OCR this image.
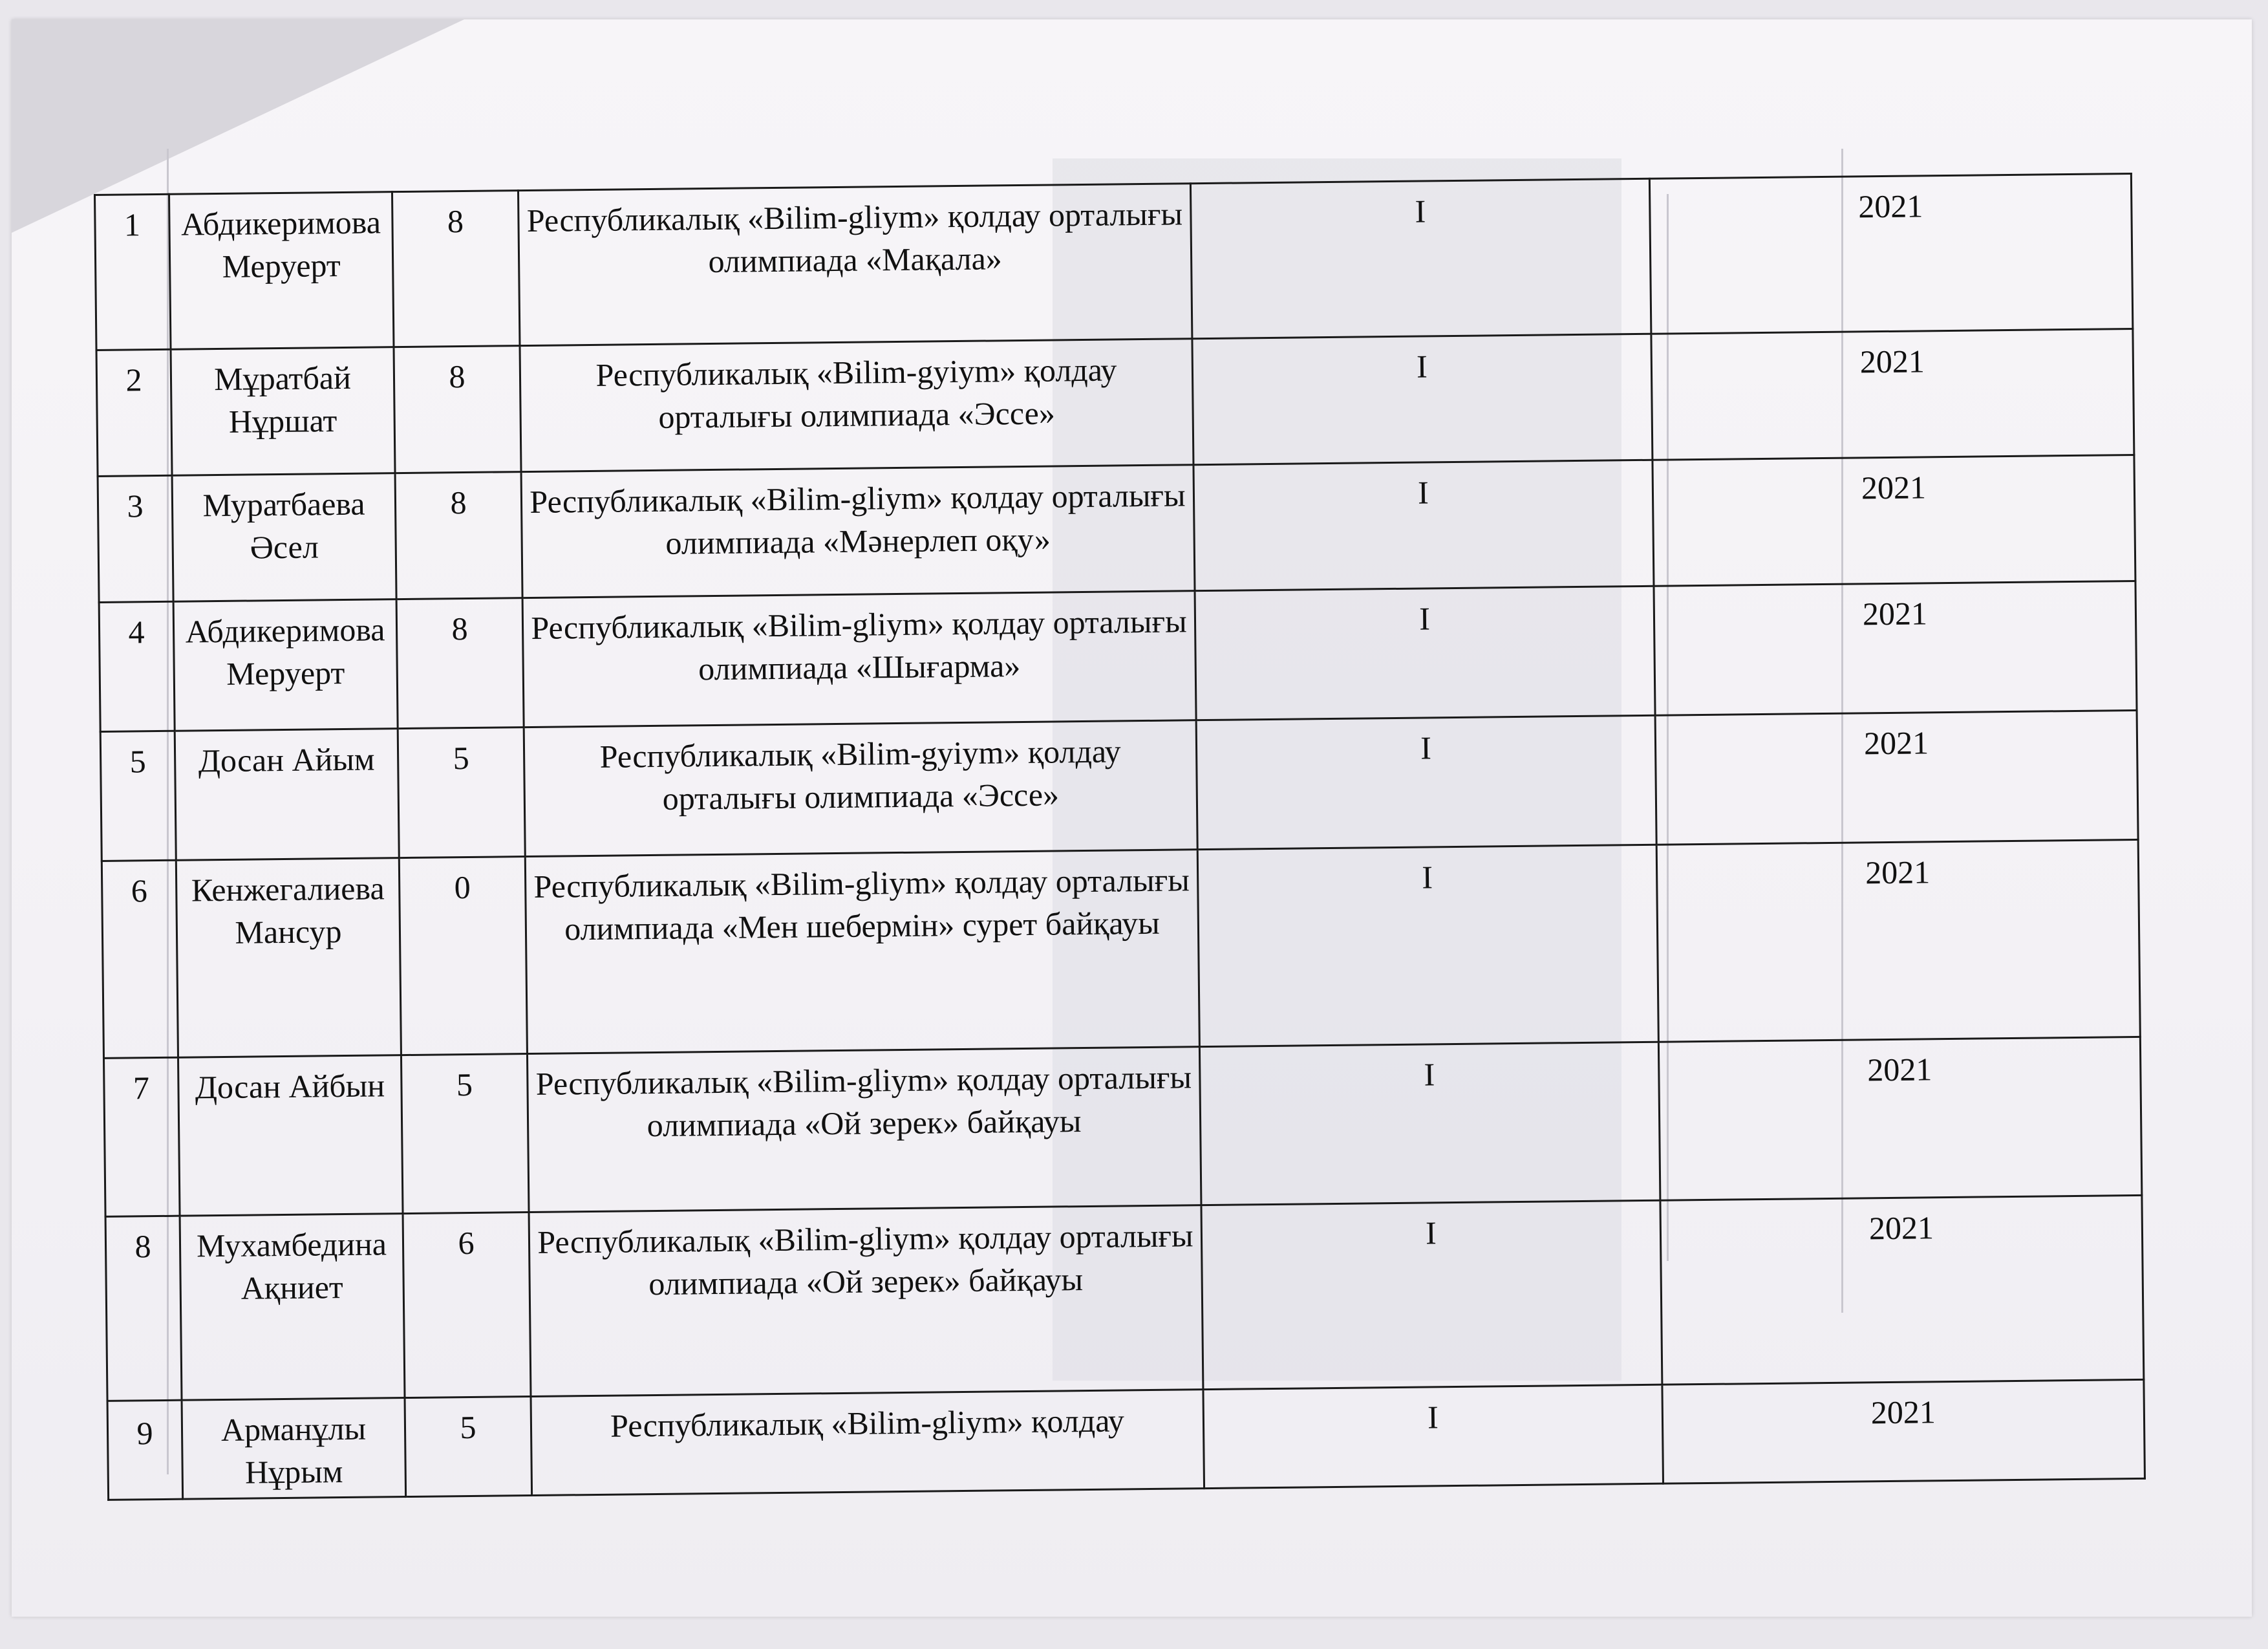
1	Абдикеримова Меруерт	8	Республикалық «Bilim-gliym» қолдау орталығы олимпиада «Мақала»	I	2021
2	Мұратбай Нұршат	8	Республикалық «Bilim-gyiym» қолдау орталығы олимпиада «Эссе»	I	2021
3	Муратбаева Әсел	8	Республикалық «Bilim-gliym» қолдау орталығы олимпиада «Мәнерлеп оқу»	I	2021
4	Абдикеримова Меруерт	8	Республикалық «Bilim-gliym» қолдау орталығы олимпиада «Шығарма»	I	2021
5	Досан Айым	5	Республикалық «Bilim-gyiym» қолдау орталығы олимпиада «Эссе»	I	2021
6	Кенжегалиева Мансур	0	Республикалық «Bilim-gliym» қолдау орталығы олимпиада «Мен шебермін» сурет байқауы	I	2021
7	Досан Айбын	5	Республикалық «Bilim-gliym» қолдау орталығы олимпиада «Ой зерек» байқауы	I	2021
8	Мухамбедина Ақниет	6	Республикалық «Bilim-gliym» қолдау орталығы олимпиада «Ой зерек» байқауы	I	2021
9	Арманұлы Нұрым	5	Республикалық «Bilim-gliym» қолдау	I	2021
